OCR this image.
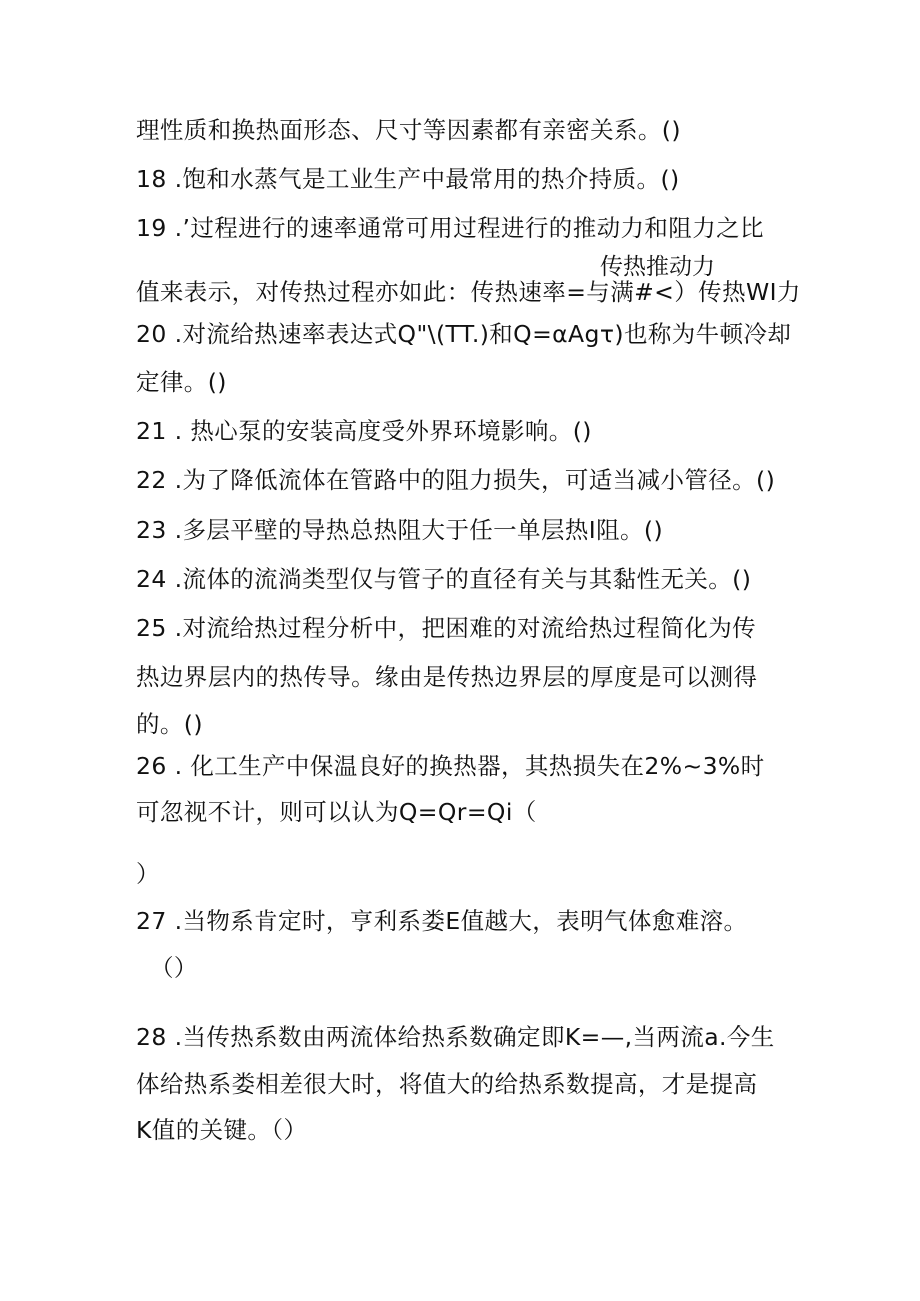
理性质和换热面形态、尺寸等因素都有亲密关系。()
18 .饱和水蒸气是工业生产中最常用的热介持质。()
19 .’过程进行的速率通常可用过程进行的推动力和阻力之比
传热推动力
值来表示，对传热过程亦如此：传热速率=与满#<）传热WI力
20 .对流给热速率表达式Q"\(TT.)和Q=αAgτ)也称为牛顿冷却
定律。()
21 . 热心泵的安装高度受外界环境影响。()
22 .为了降低流体在管路中的阻力损失，可适当减小管径。()
23 .多层平壁的导热总热阻大于任一单层热I阻。()
24 .流体的流淌类型仅与管子的直径有关与其黏性无关。()
25 .对流给热过程分析中，把困难的对流给热过程简化为传
热边界层内的热传导。缘由是传热边界层的厚度是可以测得
的。()
26 . 化工生产中保温良好的换热器，其热损失在2%~3%时
可忽视不计，则可以认为Q=Qr=Qi（
）
27 .当物系肯定时，亨利系娄E值越大，表明气体愈难溶。
（）
28 .当传热系数由两流体给热系数确定即K=—,当两流a.今生
体给热系娄相差很大时，将值大的给热系数提高，才是提高
K值的关键。（）
